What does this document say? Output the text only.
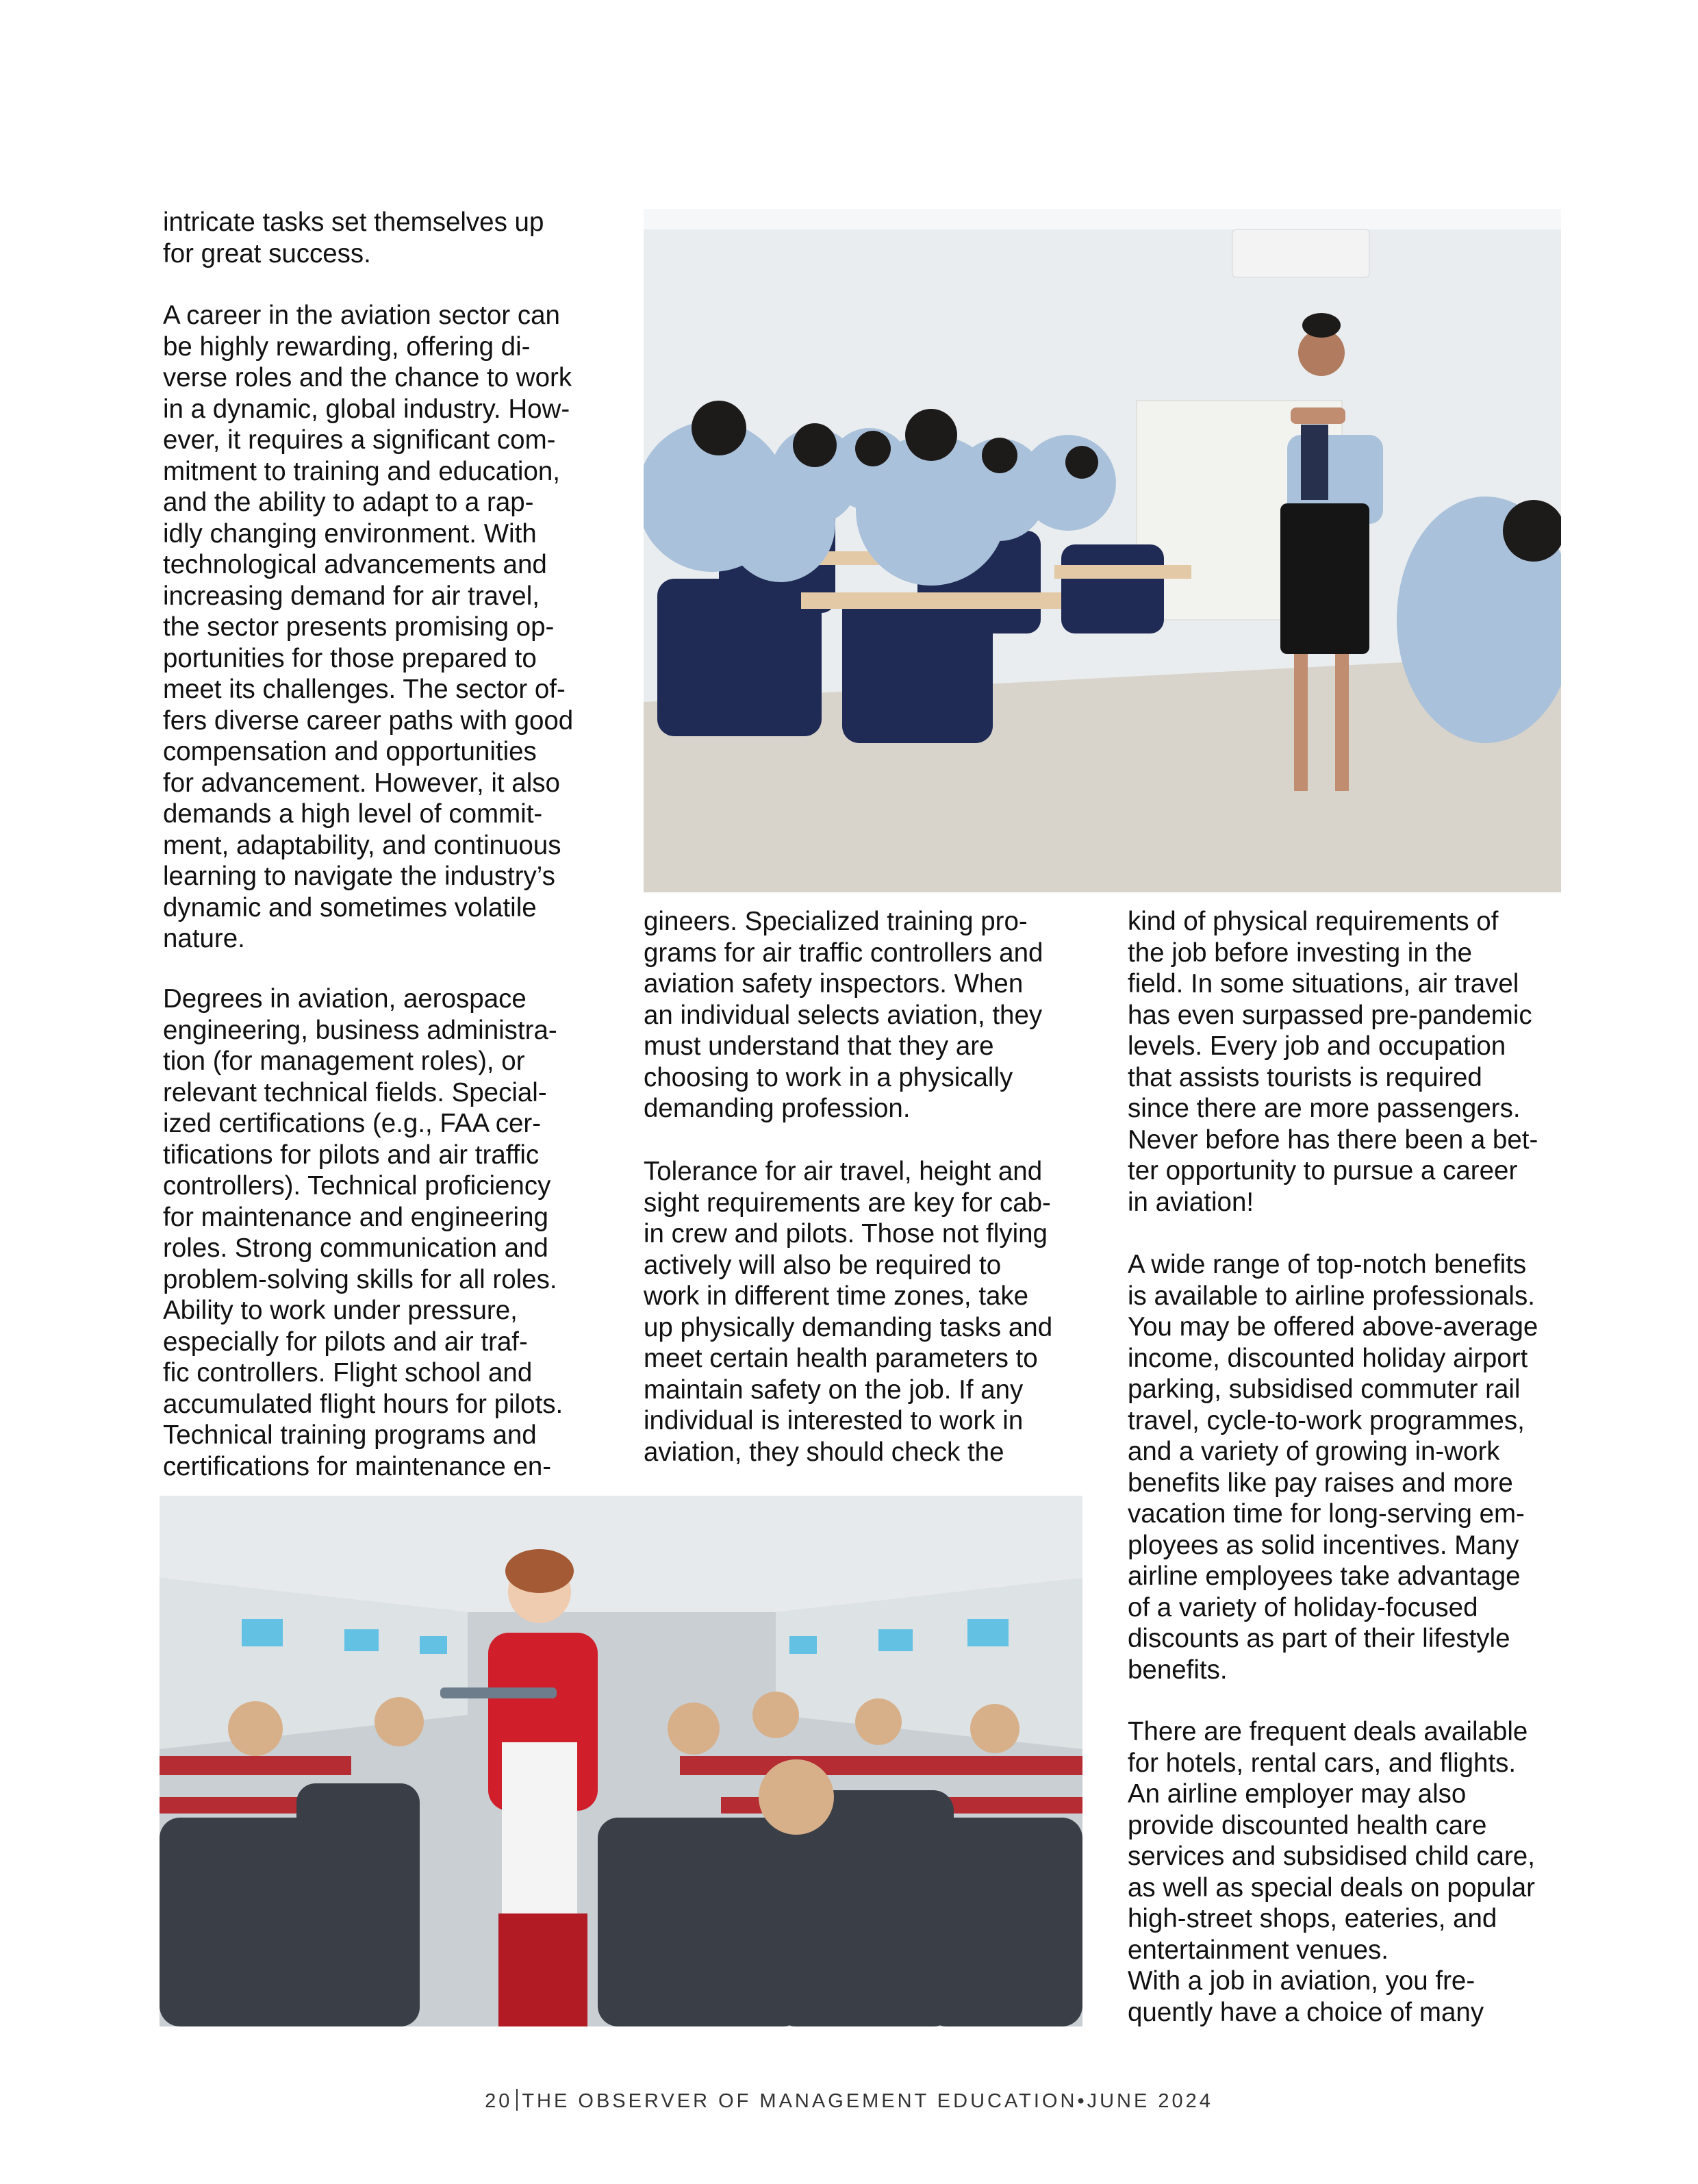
intricate tasks set themselves up
for great success.
A career in the aviation sector can
be highly rewarding, offering di-
verse roles and the chance to work
in a dynamic, global industry. How-
ever, it requires a significant com-
mitment to training and education,
and the ability to adapt to a rap-
idly changing environment. With
technological advancements and
increasing demand for air travel,
the sector presents promising op-
portunities for those prepared to
meet its challenges. The sector of-
fers diverse career paths with good
compensation and opportunities
for advancement. However, it also
demands a high level of commit-
ment, adaptability, and continuous
learning to navigate the industry’s
dynamic and sometimes volatile
nature.
Degrees in aviation, aerospace
engineering, business administra-
tion (for management roles), or
relevant technical fields. Special-
ized certifications (e.g., FAA cer-
tifications for pilots and air traffic
controllers). Technical proficiency
for maintenance and engineering
roles. Strong communication and
problem-solving skills for all roles.
Ability to work under pressure,
especially for pilots and air traf-
fic controllers. Flight school and
accumulated flight hours for pilots.
Technical training programs and
certifications for maintenance en-
gineers. Specialized training pro-
grams for air traffic controllers and
aviation safety inspectors. When
an individual selects aviation, they
must understand that they are
choosing to work in a physically
demanding profession.
Tolerance for air travel, height and
sight requirements are key for cab-
in crew and pilots. Those not flying
actively will also be required to
work in different time zones, take
up physically demanding tasks and
meet certain health parameters to
maintain safety on the job. If any
individual is interested to work in
aviation, they should check the
kind of physical requirements of
the job before investing in the
field. In some situations, air travel
has even surpassed pre-pandemic
levels. Every job and occupation
that assists tourists is required
since there are more passengers.
Never before has there been a bet-
ter opportunity to pursue a career
in aviation!
A wide range of top-notch benefits
is available to airline professionals.
You may be offered above-average
income, discounted holiday airport
parking, subsidised commuter rail
travel, cycle-to-work programmes,
and a variety of growing in-work
benefits like pay raises and more
vacation time for long-serving em-
ployees as solid incentives. Many
airline employees take advantage
of a variety of holiday-focused
discounts as part of their lifestyle
benefits.
There are frequent deals available
for hotels, rental cars, and flights.
An airline employer may also
provide discounted health care
services and subsidised child care,
as well as special deals on popular
high-street shops, eateries, and
entertainment venues.
With a job in aviation, you fre-
quently have a choice of many
20 THE OBSERVER OF MANAGEMENT EDUCATION•JUNE 2024
